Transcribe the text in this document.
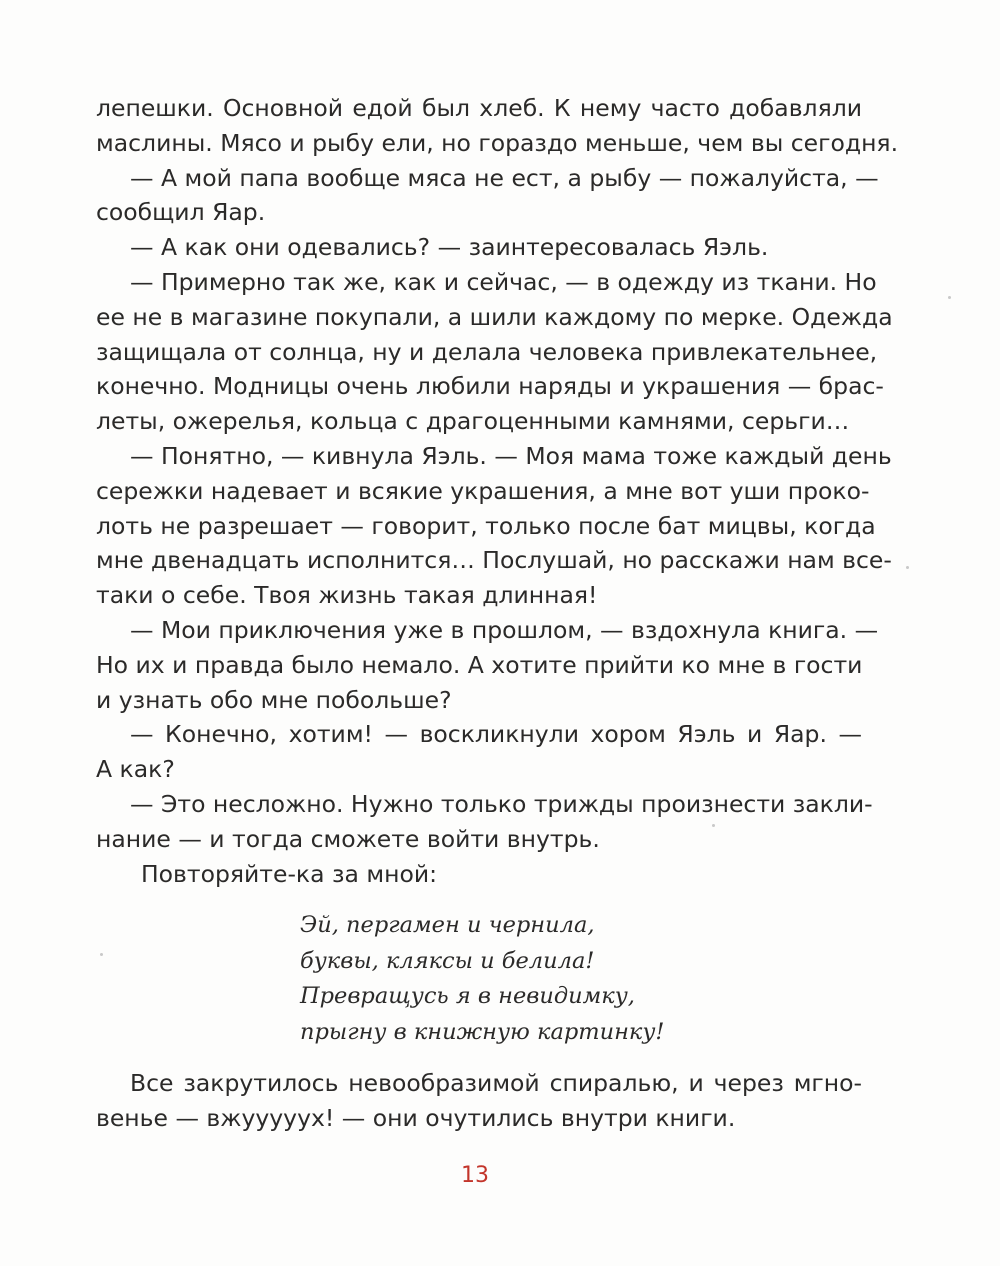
лепешки. Основной едой был хлеб. К нему часто добавляли
маслины. Мясо и рыбу ели, но гораздо меньше, чем вы сегодня.
— А мой папа вообще мяса не ест, а рыбу — пожалуйста, —
сообщил Яар.
— А как они одевались? — заинтересовалась Яэль.
— Примерно так же, как и сейчас, — в одежду из ткани. Но
ее не в магазине покупали, а шили каждому по мерке. Одежда
защищала от солнца, ну и делала человека привлекательнее,
конечно. Модницы очень любили наряды и украшения — брас-
леты, ожерелья, кольца с драгоценными камнями, серьги…
— Понятно, — кивнула Яэль. — Моя мама тоже каждый день
сережки надевает и всякие украшения, а мне вот уши проко-
лоть не разрешает — говорит, только после бат мицвы, когда
мне двенадцать исполнится… Послушай, но расскажи нам все-
таки о себе. Твоя жизнь такая длинная!
— Мои приключения уже в прошлом, — вздохнула книга. —
Но их и правда было немало. А хотите прийти ко мне в гости
и узнать обо мне побольше?
— Конечно, хотим! — воскликнули хором Яэль и Яар. —
А как?
— Это несложно. Нужно только трижды произнести закли-
нание — и тогда сможете войти внутрь.
Повторяйте-ка за мной:
Эй, пергамен и чернила,
буквы, кляксы и белила!
Превращусь я в невидимку,
прыгну в книжную картинку!
Все закрутилось невообразимой спиралью, и через мгно-
венье — вжууууух! — они очутились внутри книги.
13
